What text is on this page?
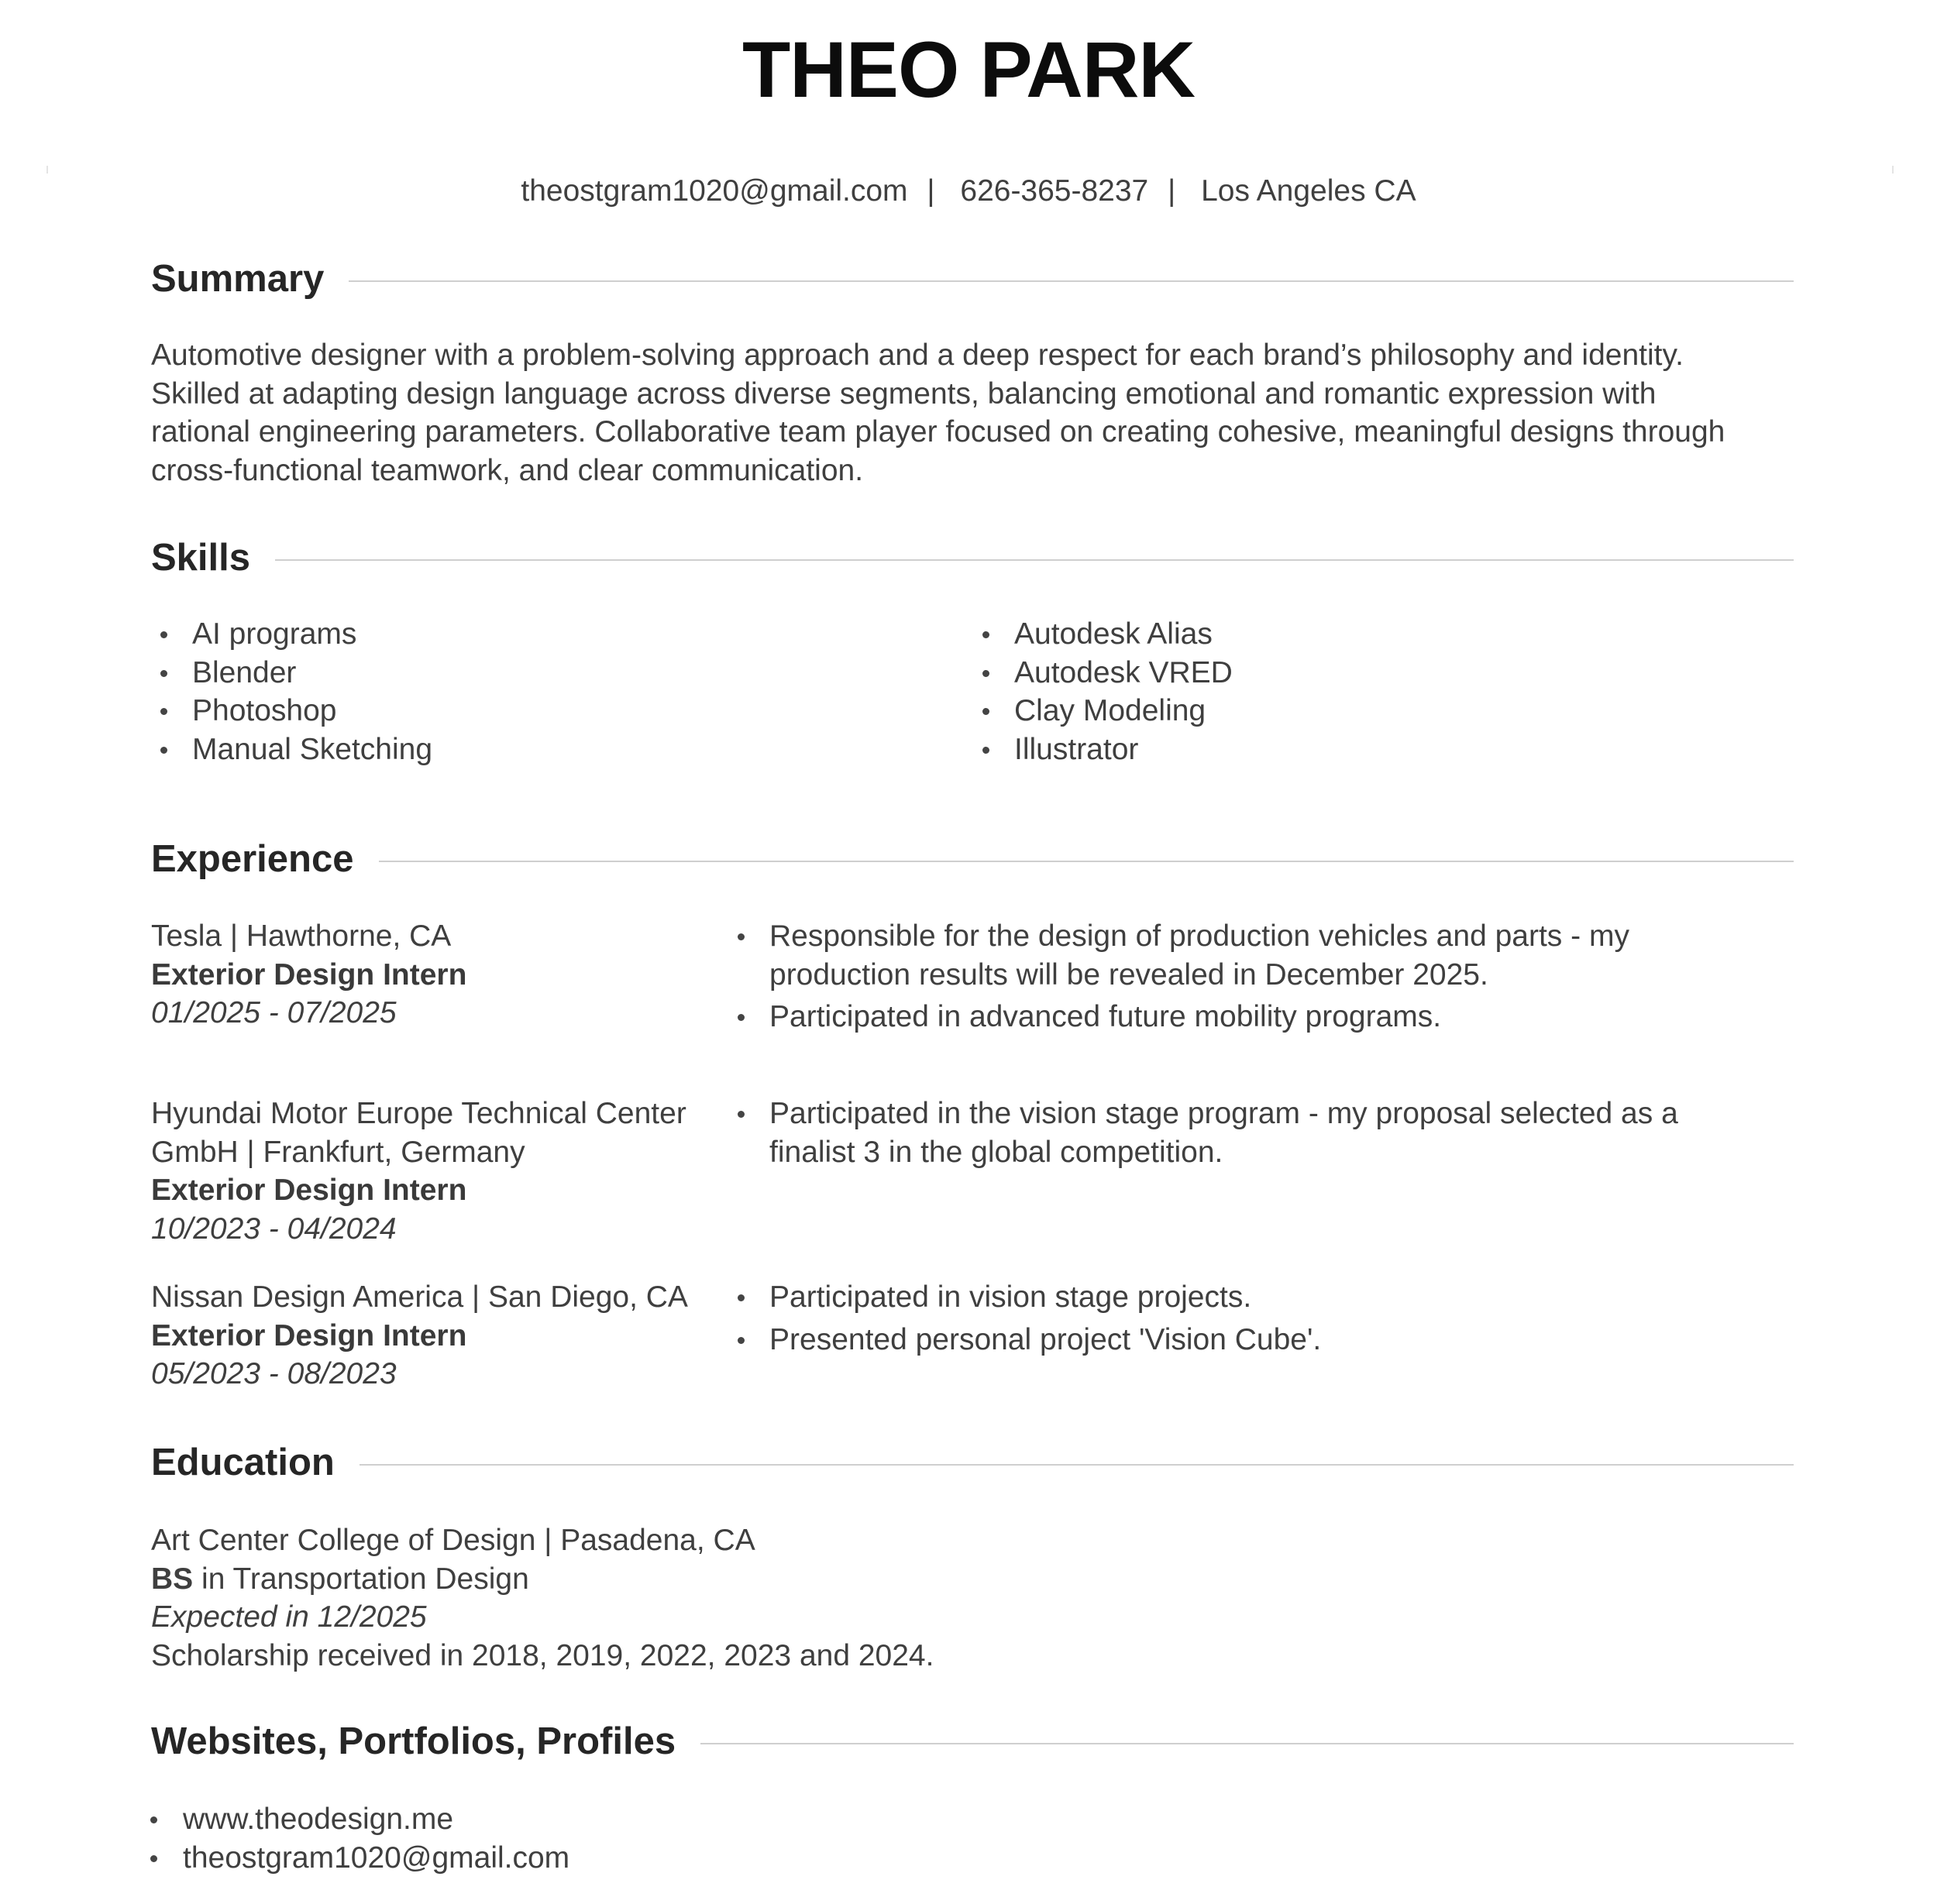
THEO PARK
theostgram1020@gmail.com | 626-365-8237 | Los Angeles CA
Summary

Automotive designer with a problem-solving approach and a deep respect for each brand’s philosophy and identity.

Skilled at adapting design language across diverse segments, balancing emotional and romantic expression with

rational engineering parameters. Collaborative team player focused on creating cohesive, meaningful designs through

cross-functional teamwork, and clear communication.

Skills
AI programs
Blender
Photoshop
Manual Sketching
Autodesk Alias
Autodesk VRED
Clay Modeling
Illustrator
Experience
Tesla | Hawthorne, CA
Exterior Design Intern
01/2025 - 07/2025
Responsible for the design of production vehicles and parts - my
production results will be revealed in December 2025.
Participated in advanced future mobility programs.
Hyundai Motor Europe Technical Center
GmbH | Frankfurt, Germany
Exterior Design Intern
10/2023 - 04/2024
Participated in the vision stage program - my proposal selected as a
finalist 3 in the global competition.
Nissan Design America | San Diego, CA
Exterior Design Intern
05/2023 - 08/2023
Participated in vision stage projects.
Presented personal project 'Vision Cube'.
Education
Art Center College of Design | Pasadena, CA
BS in Transportation Design
Expected in 12/2025
Scholarship received in 2018, 2019, 2022, 2023 and 2024.
Websites, Portfolios, Profiles
www.theodesign.me
theostgram1020@gmail.com
